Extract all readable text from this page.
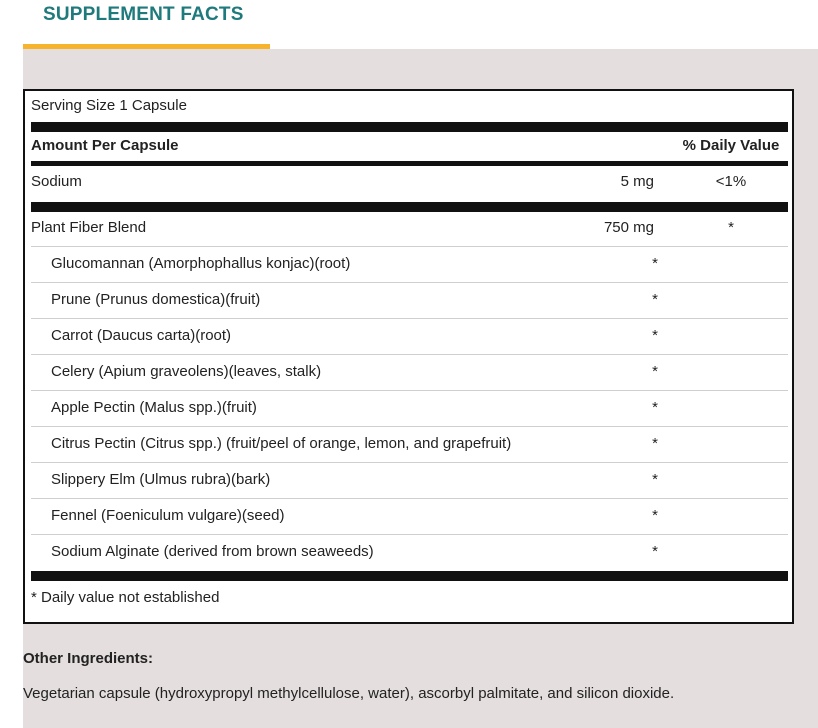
SUPPLEMENT FACTS
Serving Size 1 Capsule
Amount Per Capsule	% Daily Value
Sodium	5 mg	<1%
Plant Fiber Blend	750 mg	*
Glucomannan (Amorphophallus konjac)(root)	*
Prune (Prunus domestica)(fruit)	*
Carrot (Daucus carta)(root)	*
Celery (Apium graveolens)(leaves, stalk)	*
Apple Pectin (Malus spp.)(fruit)	*
Citrus Pectin (Citrus spp.) (fruit/peel of orange, lemon, and grapefruit)	*
Slippery Elm (Ulmus rubra)(bark)	*
Fennel (Foeniculum vulgare)(seed)	*
Sodium Alginate (derived from brown seaweeds)	*
* Daily value not established
Other Ingredients:
Vegetarian capsule (hydroxypropyl methylcellulose, water), ascorbyl palmitate, and silicon dioxide.
